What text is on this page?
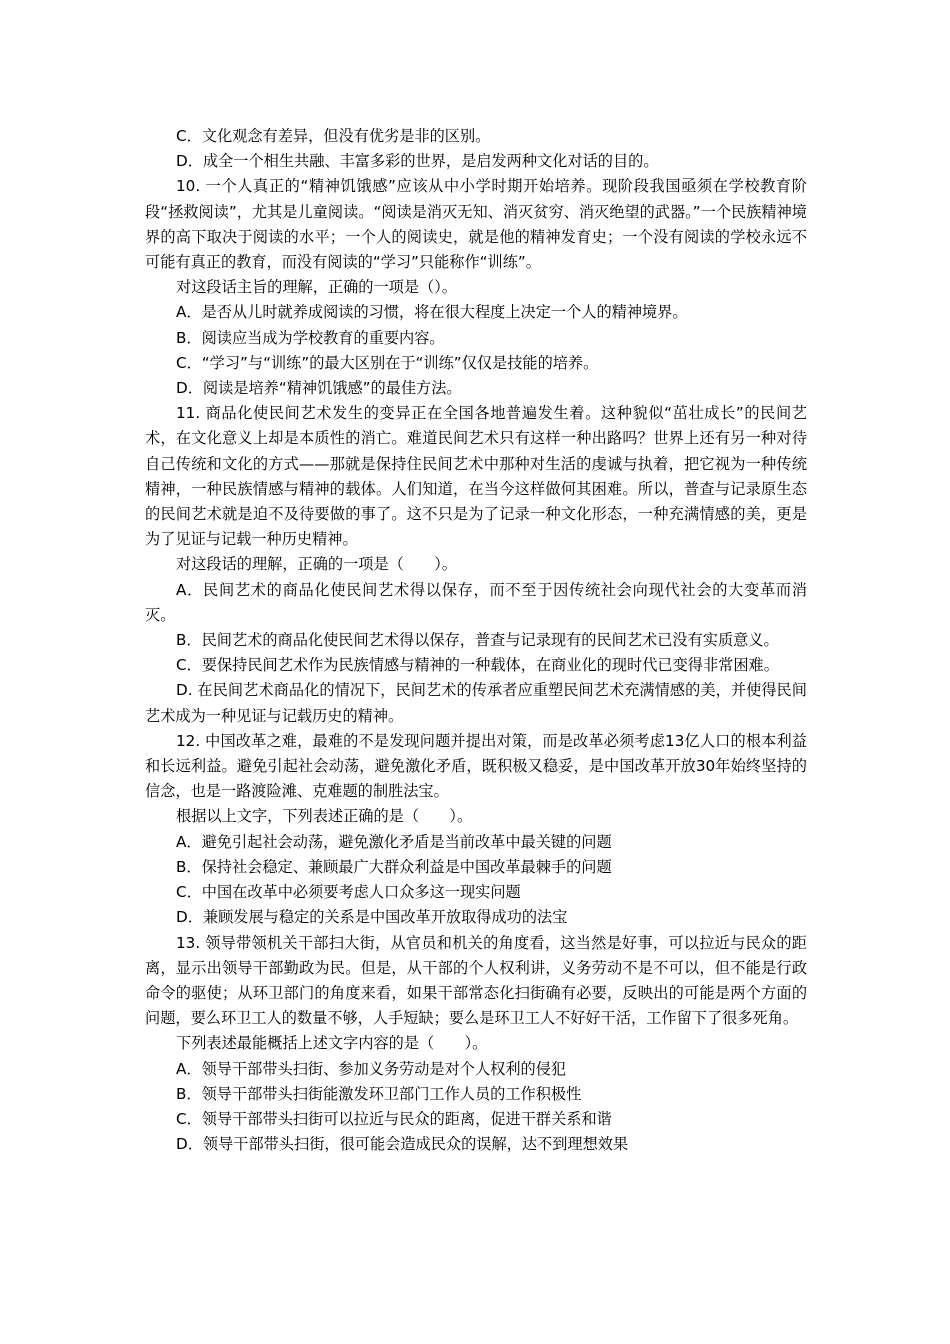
C．文化观念有差异，但没有优劣是非的区别。

D．成全一个相生共融、丰富多彩的世界，是启发两种文化对话的目的。

10. 一个人真正的“精神饥饿感”应该从中小学时期开始培养。现阶段我国亟须在学校教育阶段“拯救阅读”，尤其是儿童阅读。“阅读是消灭无知、消灭贫穷、消灭绝望的武器。”一个民族精神境界的高下取决于阅读的水平；一个人的阅读史，就是他的精神发育史；一个没有阅读的学校永远不可能有真正的教育，而没有阅读的“学习”只能称作“训练”。

对这段话主旨的理解，正确的一项是（）。

A．是否从儿时就养成阅读的习惯，将在很大程度上决定一个人的精神境界。

B．阅读应当成为学校教育的重要内容。

C．“学习”与“训练”的最大区别在于“训练”仅仅是技能的培养。

D．阅读是培养“精神饥饿感”的最佳方法。

11. 商品化使民间艺术发生的变异正在全国各地普遍发生着。这种貌似“茁壮成长”的民间艺术，在文化意义上却是本质性的消亡。难道民间艺术只有这样一种出路吗？世界上还有另一种对待自己传统和文化的方式——那就是保持住民间艺术中那种对生活的虔诚与执着，把它视为一种传统精神，一种民族情感与精神的载体。人们知道，在当今这样做何其困难。所以，普查与记录原生态的民间艺术就是迫不及待要做的事了。这不只是为了记录一种文化形态，一种充满情感的美，更是为了见证与记载一种历史精神。

对这段话的理解，正确的一项是（　　）。

A．民间艺术的商品化使民间艺术得以保存，而不至于因传统社会向现代社会的大变革而消灭。

B．民间艺术的商品化使民间艺术得以保存，普查与记录现有的民间艺术已没有实质意义。

C．要保持民间艺术作为民族情感与精神的一种载体，在商业化的现时代已变得非常困难。

D. 在民间艺术商品化的情况下，民间艺术的传承者应重塑民间艺术充满情感的美，并使得民间艺术成为一种见证与记载历史的精神。

12. 中国改革之难，最难的不是发现问题并提出对策，而是改革必须考虑13亿人口的根本利益和长远利益。避免引起社会动荡，避免激化矛盾，既积极又稳妥，是中国改革开放30年始终坚持的信念，也是一路渡险滩、克难题的制胜法宝。

根据以上文字，下列表述正确的是（　　）。

A．避免引起社会动荡，避免激化矛盾是当前改革中最关键的问题

B．保持社会稳定、兼顾最广大群众利益是中国改革最棘手的问题

C．中国在改革中必须要考虑人口众多这一现实问题

D．兼顾发展与稳定的关系是中国改革开放取得成功的法宝

13. 领导带领机关干部扫大街，从官员和机关的角度看，这当然是好事，可以拉近与民众的距离，显示出领导干部勤政为民。但是，从干部的个人权利讲，义务劳动不是不可以，但不能是行政命令的驱使；从环卫部门的角度来看，如果干部常态化扫街确有必要，反映出的可能是两个方面的问题，要么环卫工人的数量不够，人手短缺；要么是环卫工人不好好干活，工作留下了很多死角。

下列表述最能概括上述文字内容的是（　　）。

A．领导干部带头扫街、参加义务劳动是对个人权利的侵犯

B．领导干部带头扫街能激发环卫部门工作人员的工作积极性

C．领导干部带头扫街可以拉近与民众的距离，促进干群关系和谐

D．领导干部带头扫街，很可能会造成民众的误解，达不到理想效果
